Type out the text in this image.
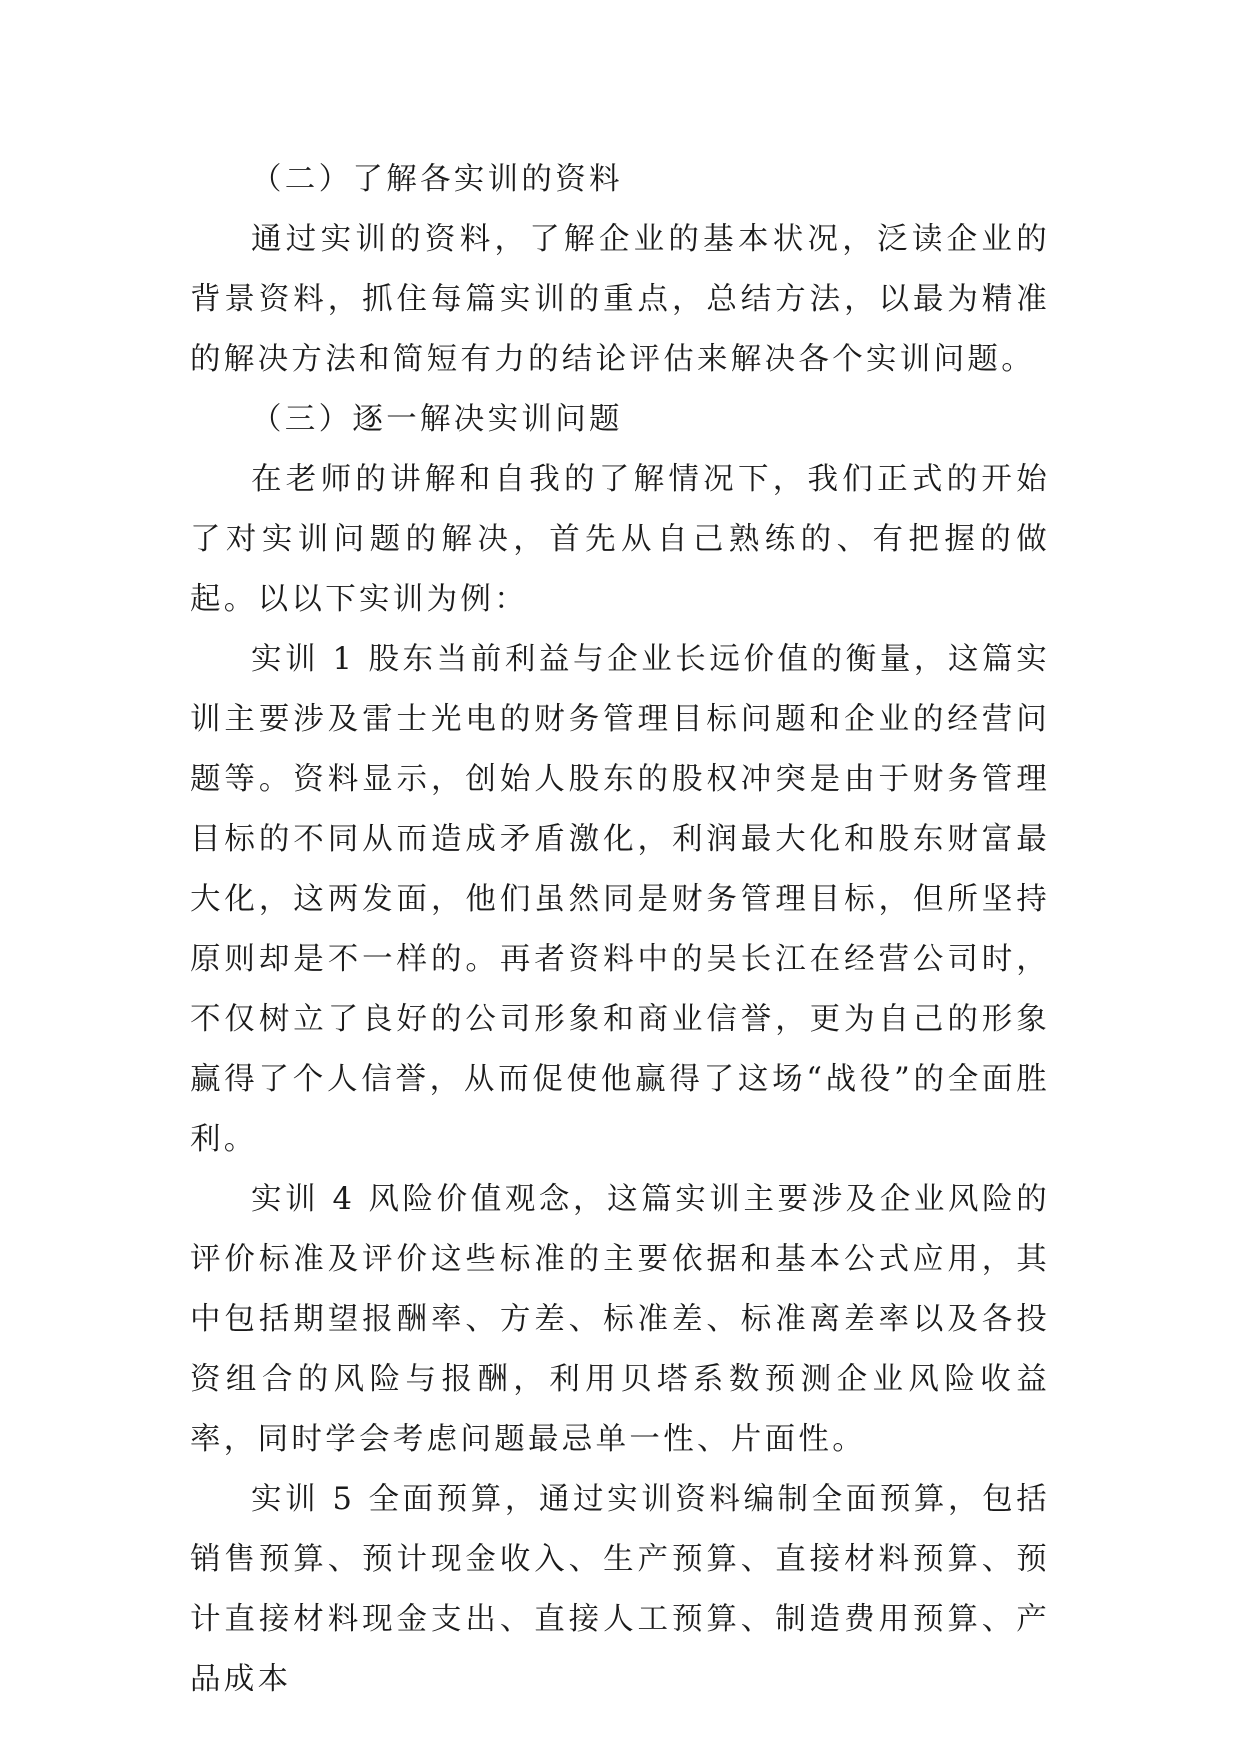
（二）了解各实训的资料

通过实训的资料，了解企业的基本状况，泛读企业的背景资料，抓住每篇实训的重点，总结方法，以最为精准的解决方法和简短有力的结论评估来解决各个实训问题。

（三）逐一解决实训问题

在老师的讲解和自我的了解情况下，我们正式的开始了对实训问题的解决，首先从自己熟练的、有把握的做起。以以下实训为例：

实训 1 股东当前利益与企业长远价值的衡量，这篇实训主要涉及雷士光电的财务管理目标问题和企业的经营问题等。资料显示，创始人股东的股权冲突是由于财务管理目标的不同从而造成矛盾激化，利润最大化和股东财富最大化，这两发面，他们虽然同是财务管理目标，但所坚持原则却是不一样的。再者资料中的吴长江在经营公司时，不仅树立了良好的公司形象和商业信誉，更为自己的形象赢得了个人信誉，从而促使他赢得了这场“战役”的全面胜利。

实训 4 风险价值观念，这篇实训主要涉及企业风险的评价标准及评价这些标准的主要依据和基本公式应用，其中包括期望报酬率、方差、标准差、标准离差率以及各投资组合的风险与报酬，利用贝塔系数预测企业风险收益率，同时学会考虑问题最忌单一性、片面性。

实训 5 全面预算，通过实训资料编制全面预算，包括销售预算、预计现金收入、生产预算、直接材料预算、预计直接材料现金支出、直接人工预算、制造费用预算、产品成本
